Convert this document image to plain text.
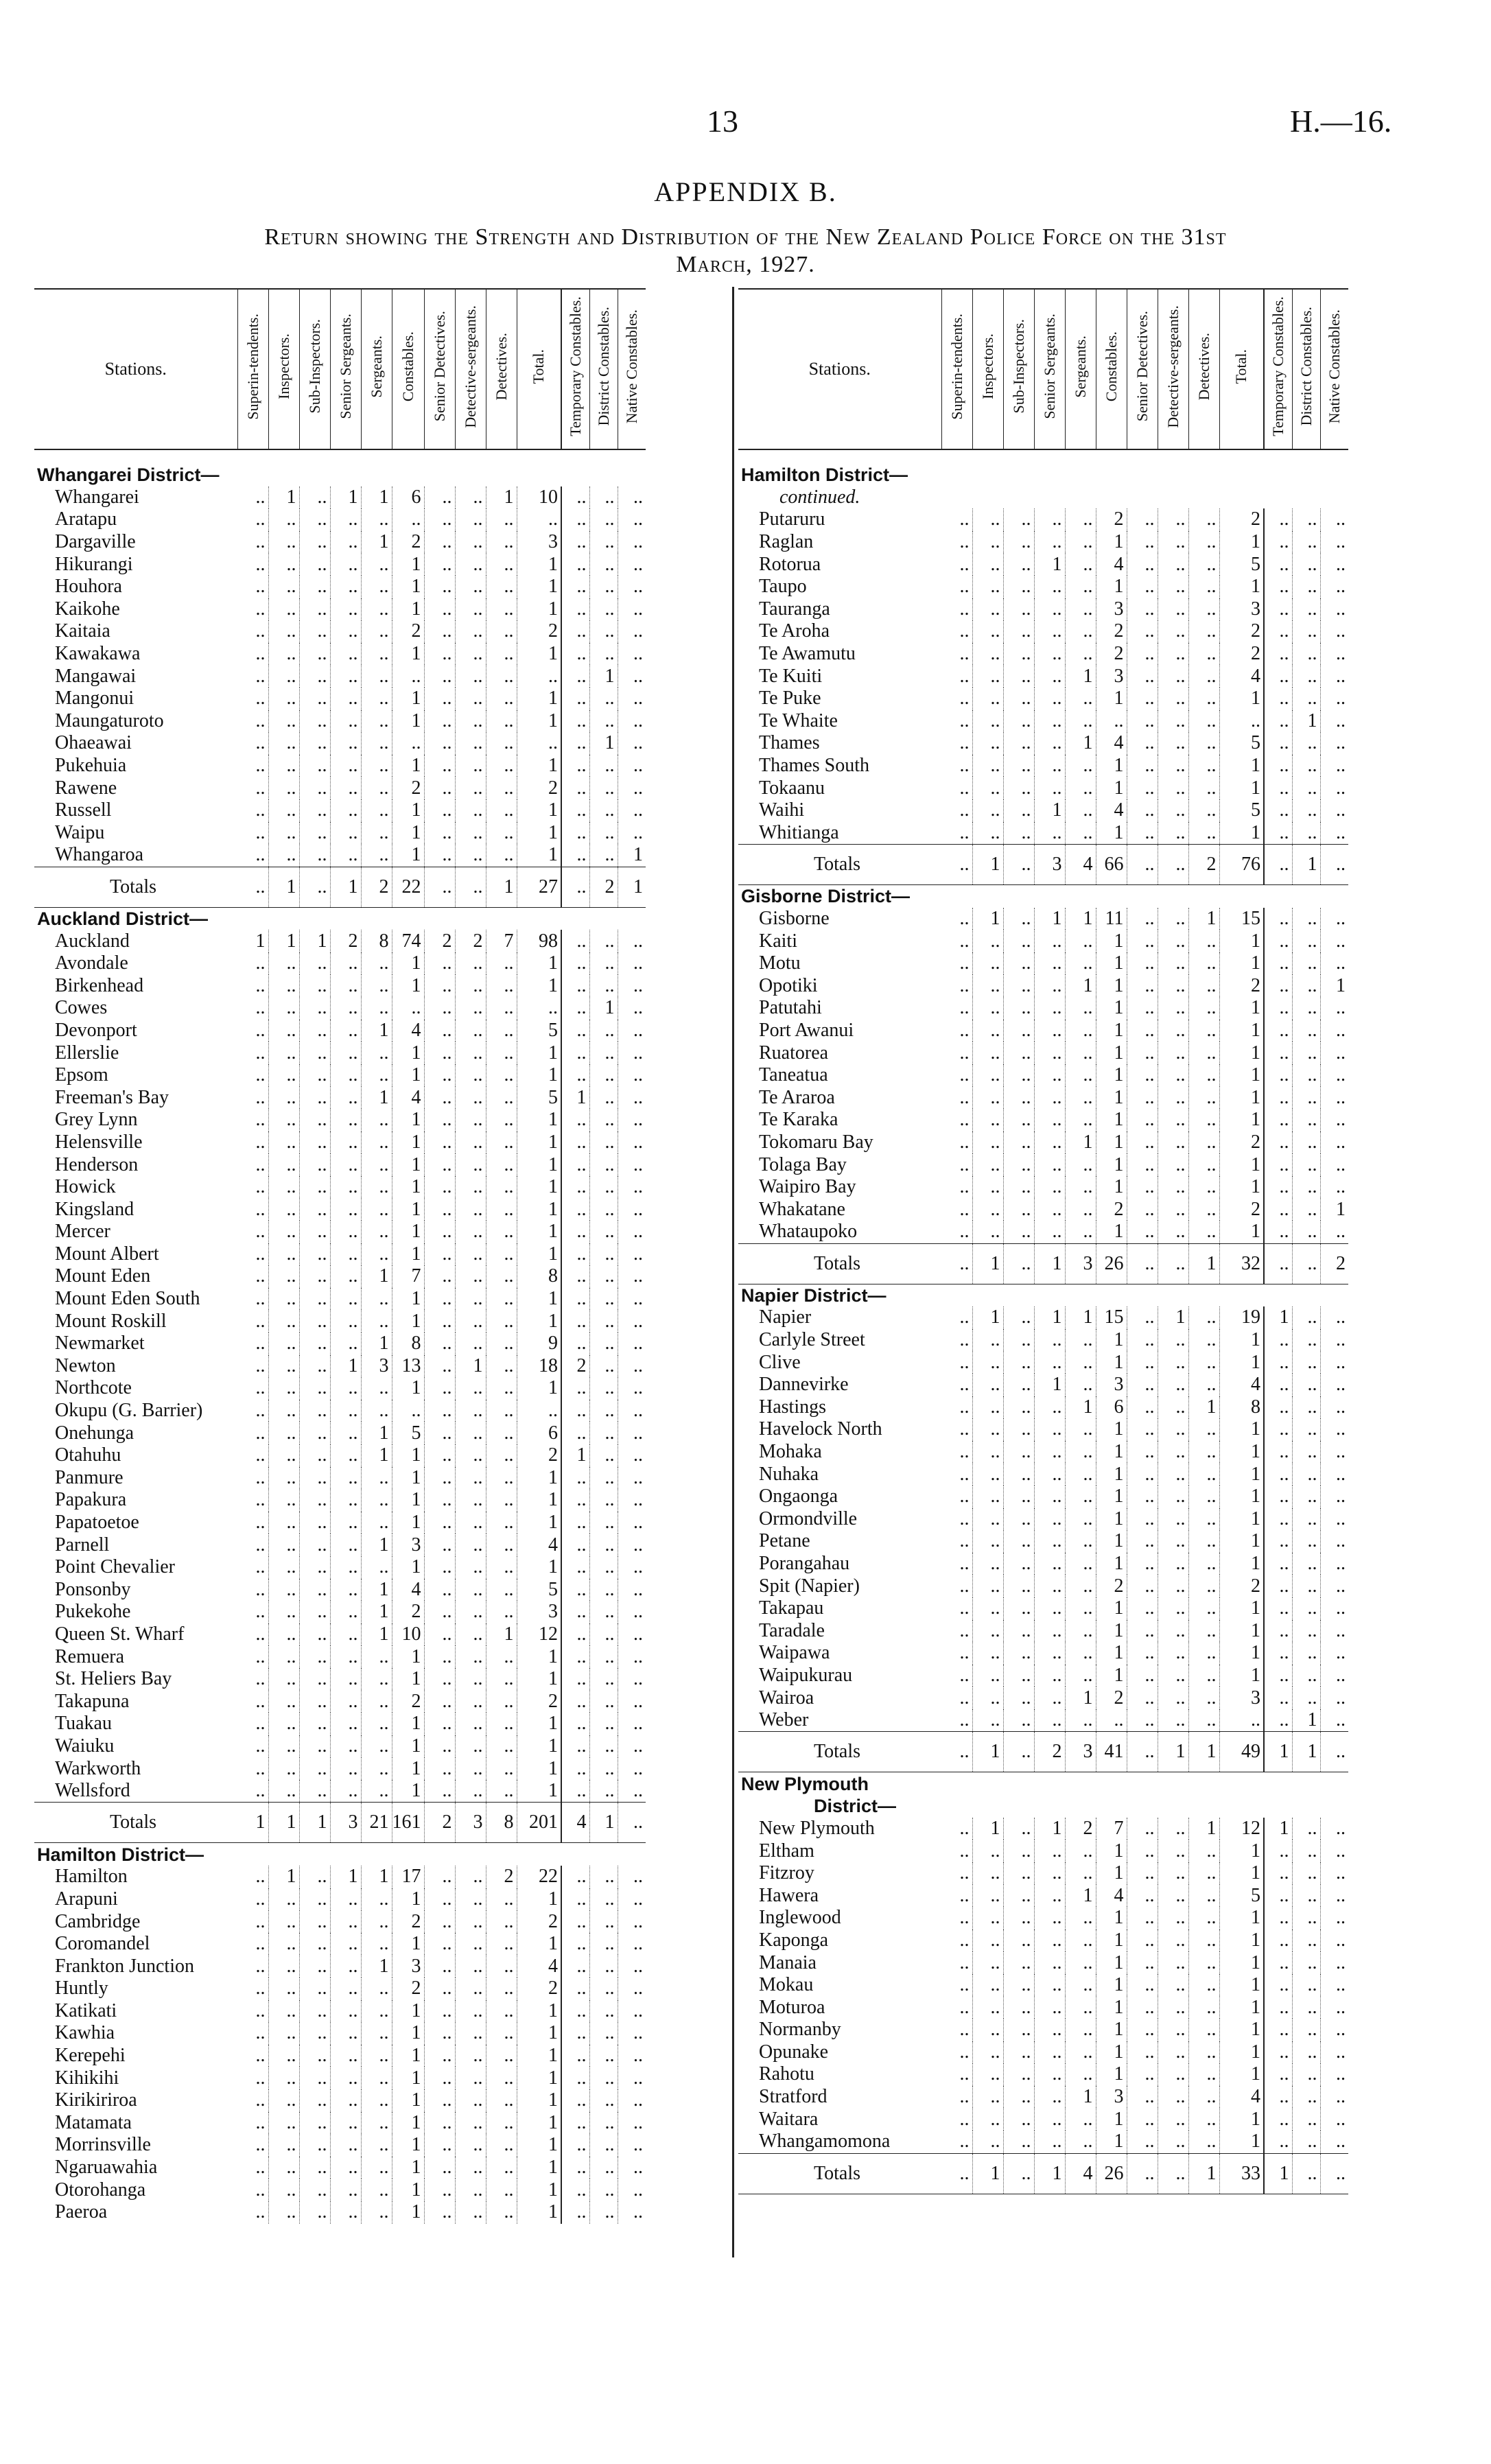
13	H.—16.
APPENDIX B.
Return showing the Strength and Distribution of the New Zealand Police Force on the 31st
March, 1927.
Stations.	Superin-tendents.	Inspectors.	Sub-Inspectors.	Senior Sergeants.	Sergeants.	Constables.	Senior Detectives.	Detective-sergeants.	Detectives.	Total.	Temporary Constables.	District Constables.	Native Constables.

Whangarei District—													
Whangarei	..	1	..	1	1	6	..	..	1	10	..	..	..
Aratapu	..	..	..	..	..	..	..	..	..	..	..	..	..
Dargaville	..	..	..	..	1	2	..	..	..	3	..	..	..
Hikurangi	..	..	..	..	..	1	..	..	..	1	..	..	..
Houhora	..	..	..	..	..	1	..	..	..	1	..	..	..
Kaikohe	..	..	..	..	..	1	..	..	..	1	..	..	..
Kaitaia	..	..	..	..	..	2	..	..	..	2	..	..	..
Kawakawa	..	..	..	..	..	1	..	..	..	1	..	..	..
Mangawai	..	..	..	..	..	..	..	..	..	..	..	1	..
Mangonui	..	..	..	..	..	1	..	..	..	1	..	..	..
Maungaturoto	..	..	..	..	..	1	..	..	..	1	..	..	..
Ohaeawai	..	..	..	..	..	..	..	..	..	..	..	1	..
Pukehuia	..	..	..	..	..	1	..	..	..	1	..	..	..
Rawene	..	..	..	..	..	2	..	..	..	2	..	..	..
Russell	..	..	..	..	..	1	..	..	..	1	..	..	..
Waipu	..	..	..	..	..	1	..	..	..	1	..	..	..
Whangaroa	..	..	..	..	..	1	..	..	..	1	..	..	1
Totals	..	1	..	1	2	22	..	..	1	27	..	2	1
Auckland District—													
Auckland	1	1	1	2	8	74	2	2	7	98	..	..	..
Avondale	..	..	..	..	..	1	..	..	..	1	..	..	..
Birkenhead	..	..	..	..	..	1	..	..	..	1	..	..	..
Cowes	..	..	..	..	..	..	..	..	..	..	..	1	..
Devonport	..	..	..	..	1	4	..	..	..	5	..	..	..
Ellerslie	..	..	..	..	..	1	..	..	..	1	..	..	..
Epsom	..	..	..	..	..	1	..	..	..	1	..	..	..
Freeman's Bay	..	..	..	..	1	4	..	..	..	5	1	..	..
Grey Lynn	..	..	..	..	..	1	..	..	..	1	..	..	..
Helensville	..	..	..	..	..	1	..	..	..	1	..	..	..
Henderson	..	..	..	..	..	1	..	..	..	1	..	..	..
Howick	..	..	..	..	..	1	..	..	..	1	..	..	..
Kingsland	..	..	..	..	..	1	..	..	..	1	..	..	..
Mercer	..	..	..	..	..	1	..	..	..	1	..	..	..
Mount Albert	..	..	..	..	..	1	..	..	..	1	..	..	..
Mount Eden	..	..	..	..	1	7	..	..	..	8	..	..	..
Mount Eden South	..	..	..	..	..	1	..	..	..	1	..	..	..
Mount Roskill	..	..	..	..	..	1	..	..	..	1	..	..	..
Newmarket	..	..	..	..	1	8	..	..	..	9	..	..	..
Newton	..	..	..	1	3	13	..	1	..	18	2	..	..
Northcote	..	..	..	..	..	1	..	..	..	1	..	..	..
Okupu (G. Barrier)	..	..	..	..	..	..	..	..	..	..	..	..	..
Onehunga	..	..	..	..	1	5	..	..	..	6	..	..	..
Otahuhu	..	..	..	..	1	1	..	..	..	2	1	..	..
Panmure	..	..	..	..	..	1	..	..	..	1	..	..	..
Papakura	..	..	..	..	..	1	..	..	..	1	..	..	..
Papatoetoe	..	..	..	..	..	1	..	..	..	1	..	..	..
Parnell	..	..	..	..	1	3	..	..	..	4	..	..	..
Point Chevalier	..	..	..	..	..	1	..	..	..	1	..	..	..
Ponsonby	..	..	..	..	1	4	..	..	..	5	..	..	..
Pukekohe	..	..	..	..	1	2	..	..	..	3	..	..	..
Queen St. Wharf	..	..	..	..	1	10	..	..	1	12	..	..	..
Remuera	..	..	..	..	..	1	..	..	..	1	..	..	..
St. Heliers Bay	..	..	..	..	..	1	..	..	..	1	..	..	..
Takapuna	..	..	..	..	..	2	..	..	..	2	..	..	..
Tuakau	..	..	..	..	..	1	..	..	..	1	..	..	..
Waiuku	..	..	..	..	..	1	..	..	..	1	..	..	..
Warkworth	..	..	..	..	..	1	..	..	..	1	..	..	..
Wellsford	..	..	..	..	..	1	..	..	..	1	..	..	..
Totals	1	1	1	3	21	161	2	3	8	201	4	1	..
Hamilton District—													
Hamilton	..	1	..	1	1	17	..	..	2	22	..	..	..
Arapuni	..	..	..	..	..	1	..	..	..	1	..	..	..
Cambridge	..	..	..	..	..	2	..	..	..	2	..	..	..
Coromandel	..	..	..	..	..	1	..	..	..	1	..	..	..
Frankton Junction	..	..	..	..	1	3	..	..	..	4	..	..	..
Huntly	..	..	..	..	..	2	..	..	..	2	..	..	..
Katikati	..	..	..	..	..	1	..	..	..	1	..	..	..
Kawhia	..	..	..	..	..	1	..	..	..	1	..	..	..
Kerepehi	..	..	..	..	..	1	..	..	..	1	..	..	..
Kihikihi	..	..	..	..	..	1	..	..	..	1	..	..	..
Kirikiriroa	..	..	..	..	..	1	..	..	..	1	..	..	..
Matamata	..	..	..	..	..	1	..	..	..	1	..	..	..
Morrinsville	..	..	..	..	..	1	..	..	..	1	..	..	..
Ngaruawahia	..	..	..	..	..	1	..	..	..	1	..	..	..
Otorohanga	..	..	..	..	..	1	..	..	..	1	..	..	..
Paeroa	..	..	..	..	..	1	..	..	..	1	..	..	..
Stations.	Superin-tendents.	Inspectors.	Sub-Inspectors.	Senior Sergeants.	Sergeants.	Constables.	Senior Detectives.	Detective-sergeants.	Detectives.	Total.	Temporary Constables.	District Constables.	Native Constables.

Hamilton District—													
continued.													
Putaruru	..	..	..	..	..	2	..	..	..	2	..	..	..
Raglan	..	..	..	..	..	1	..	..	..	1	..	..	..
Rotorua	..	..	..	1	..	4	..	..	..	5	..	..	..
Taupo	..	..	..	..	..	1	..	..	..	1	..	..	..
Tauranga	..	..	..	..	..	3	..	..	..	3	..	..	..
Te Aroha	..	..	..	..	..	2	..	..	..	2	..	..	..
Te Awamutu	..	..	..	..	..	2	..	..	..	2	..	..	..
Te Kuiti	..	..	..	..	1	3	..	..	..	4	..	..	..
Te Puke	..	..	..	..	..	1	..	..	..	1	..	..	..
Te Whaite	..	..	..	..	..	..	..	..	..	..	..	1	..
Thames	..	..	..	..	1	4	..	..	..	5	..	..	..
Thames South	..	..	..	..	..	1	..	..	..	1	..	..	..
Tokaanu	..	..	..	..	..	1	..	..	..	1	..	..	..
Waihi	..	..	..	1	..	4	..	..	..	5	..	..	..
Whitianga	..	..	..	..	..	1	..	..	..	1	..	..	..
Totals	..	1	..	3	4	66	..	..	2	76	..	1	..
Gisborne District—													
Gisborne	..	1	..	1	1	11	..	..	1	15	..	..	..
Kaiti	..	..	..	..	..	1	..	..	..	1	..	..	..
Motu	..	..	..	..	..	1	..	..	..	1	..	..	..
Opotiki	..	..	..	..	1	1	..	..	..	2	..	..	1
Patutahi	..	..	..	..	..	1	..	..	..	1	..	..	..
Port Awanui	..	..	..	..	..	1	..	..	..	1	..	..	..
Ruatorea	..	..	..	..	..	1	..	..	..	1	..	..	..
Taneatua	..	..	..	..	..	1	..	..	..	1	..	..	..
Te Araroa	..	..	..	..	..	1	..	..	..	1	..	..	..
Te Karaka	..	..	..	..	..	1	..	..	..	1	..	..	..
Tokomaru Bay	..	..	..	..	1	1	..	..	..	2	..	..	..
Tolaga Bay	..	..	..	..	..	1	..	..	..	1	..	..	..
Waipiro Bay	..	..	..	..	..	1	..	..	..	1	..	..	..
Whakatane	..	..	..	..	..	2	..	..	..	2	..	..	1
Whataupoko	..	..	..	..	..	1	..	..	..	1	..	..	..
Totals	..	1	..	1	3	26	..	..	1	32	..	..	2
Napier District—													
Napier	..	1	..	1	1	15	..	1	..	19	1	..	..
Carlyle Street	..	..	..	..	..	1	..	..	..	1	..	..	..
Clive	..	..	..	..	..	1	..	..	..	1	..	..	..
Dannevirke	..	..	..	1	..	3	..	..	..	4	..	..	..
Hastings	..	..	..	..	1	6	..	..	1	8	..	..	..
Havelock North	..	..	..	..	..	1	..	..	..	1	..	..	..
Mohaka	..	..	..	..	..	1	..	..	..	1	..	..	..
Nuhaka	..	..	..	..	..	1	..	..	..	1	..	..	..
Ongaonga	..	..	..	..	..	1	..	..	..	1	..	..	..
Ormondville	..	..	..	..	..	1	..	..	..	1	..	..	..
Petane	..	..	..	..	..	1	..	..	..	1	..	..	..
Porangahau	..	..	..	..	..	1	..	..	..	1	..	..	..
Spit (Napier)	..	..	..	..	..	2	..	..	..	2	..	..	..
Takapau	..	..	..	..	..	1	..	..	..	1	..	..	..
Taradale	..	..	..	..	..	1	..	..	..	1	..	..	..
Waipawa	..	..	..	..	..	1	..	..	..	1	..	..	..
Waipukurau	..	..	..	..	..	1	..	..	..	1	..	..	..
Wairoa	..	..	..	..	1	2	..	..	..	3	..	..	..
Weber	..	..	..	..	..	..	..	..	..	..	..	1	..
Totals	..	1	..	2	3	41	..	1	1	49	1	1	..
New Plymouth													
District—													
New Plymouth	..	1	..	1	2	7	..	..	1	12	1	..	..
Eltham	..	..	..	..	..	1	..	..	..	1	..	..	..
Fitzroy	..	..	..	..	..	1	..	..	..	1	..	..	..
Hawera	..	..	..	..	1	4	..	..	..	5	..	..	..
Inglewood	..	..	..	..	..	1	..	..	..	1	..	..	..
Kaponga	..	..	..	..	..	1	..	..	..	1	..	..	..
Manaia	..	..	..	..	..	1	..	..	..	1	..	..	..
Mokau	..	..	..	..	..	1	..	..	..	1	..	..	..
Moturoa	..	..	..	..	..	1	..	..	..	1	..	..	..
Normanby	..	..	..	..	..	1	..	..	..	1	..	..	..
Opunake	..	..	..	..	..	1	..	..	..	1	..	..	..
Rahotu	..	..	..	..	..	1	..	..	..	1	..	..	..
Stratford	..	..	..	..	1	3	..	..	..	4	..	..	..
Waitara	..	..	..	..	..	1	..	..	..	1	..	..	..
Whangamomona	..	..	..	..	..	1	..	..	..	1	..	..	..
Totals	..	1	..	1	4	26	..	..	1	33	1	..	..
